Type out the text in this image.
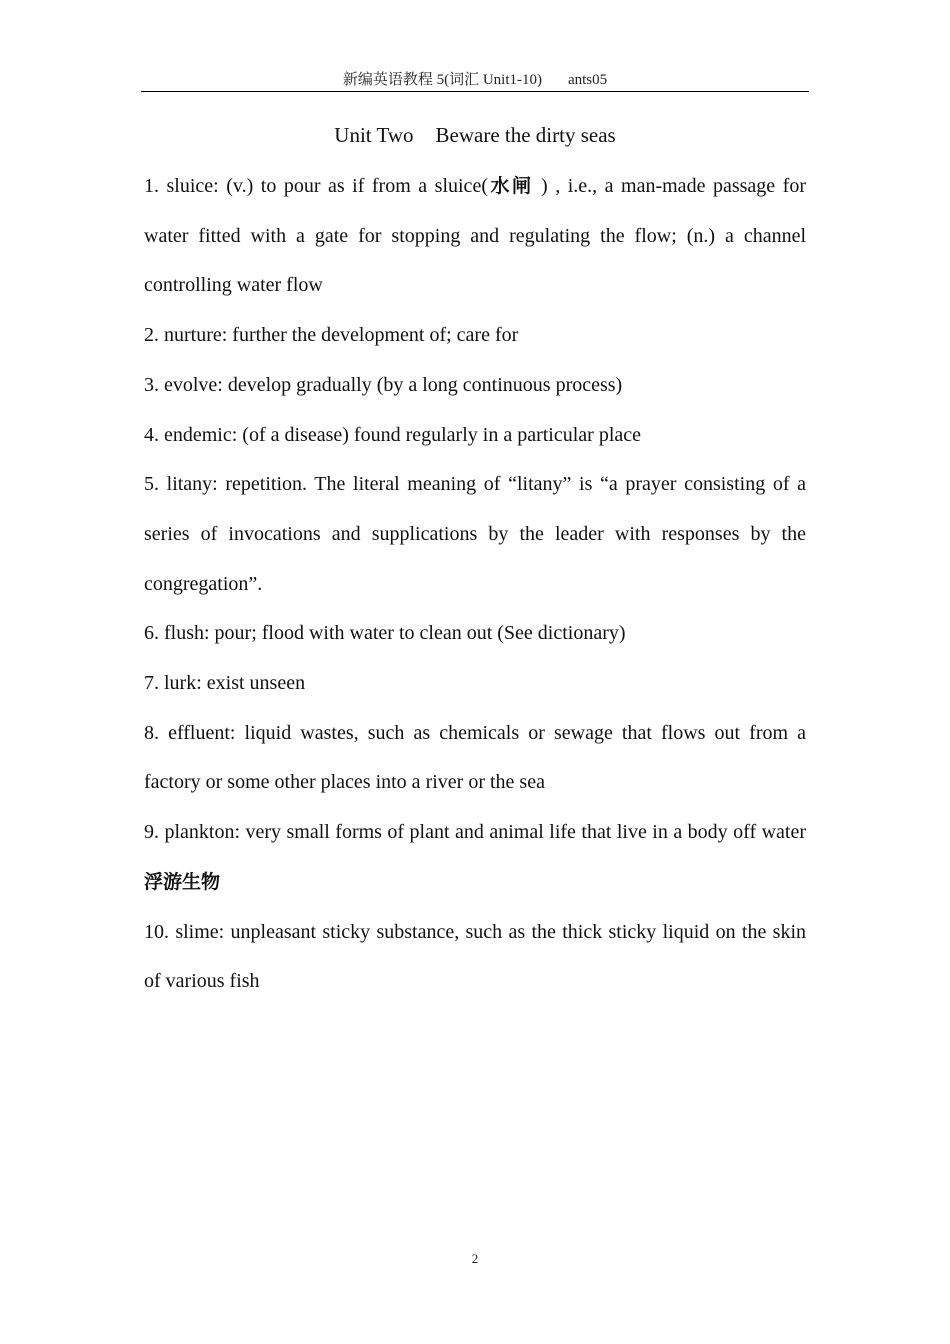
新编英语教程 5(词汇 Unit1-10) ants05
Unit Two Beware the dirty seas

1. sluice: (v.) to pour as if from a sluice(水闸 ) , i.e., a man-made passage for water fitted with a gate for stopping and regulating the flow; (n.) a channel controlling water flow

2. nurture: further the development of; care for

3. evolve: develop gradually (by a long continuous process)

4. endemic: (of a disease) found regularly in a particular place

5. litany: repetition. The literal meaning of “litany” is “a prayer consisting of a series of invocations and supplications by the leader with responses by the congregation”.

6. flush: pour; flood with water to clean out (See dictionary)

7. lurk: exist unseen

8. effluent: liquid wastes, such as chemicals or sewage that flows out from a factory or some other places into a river or the sea

9. plankton: very small forms of plant and animal life that live in a body off water 浮游生物

10. slime: unpleasant sticky substance, such as the thick sticky liquid on the skin of various fish

2
